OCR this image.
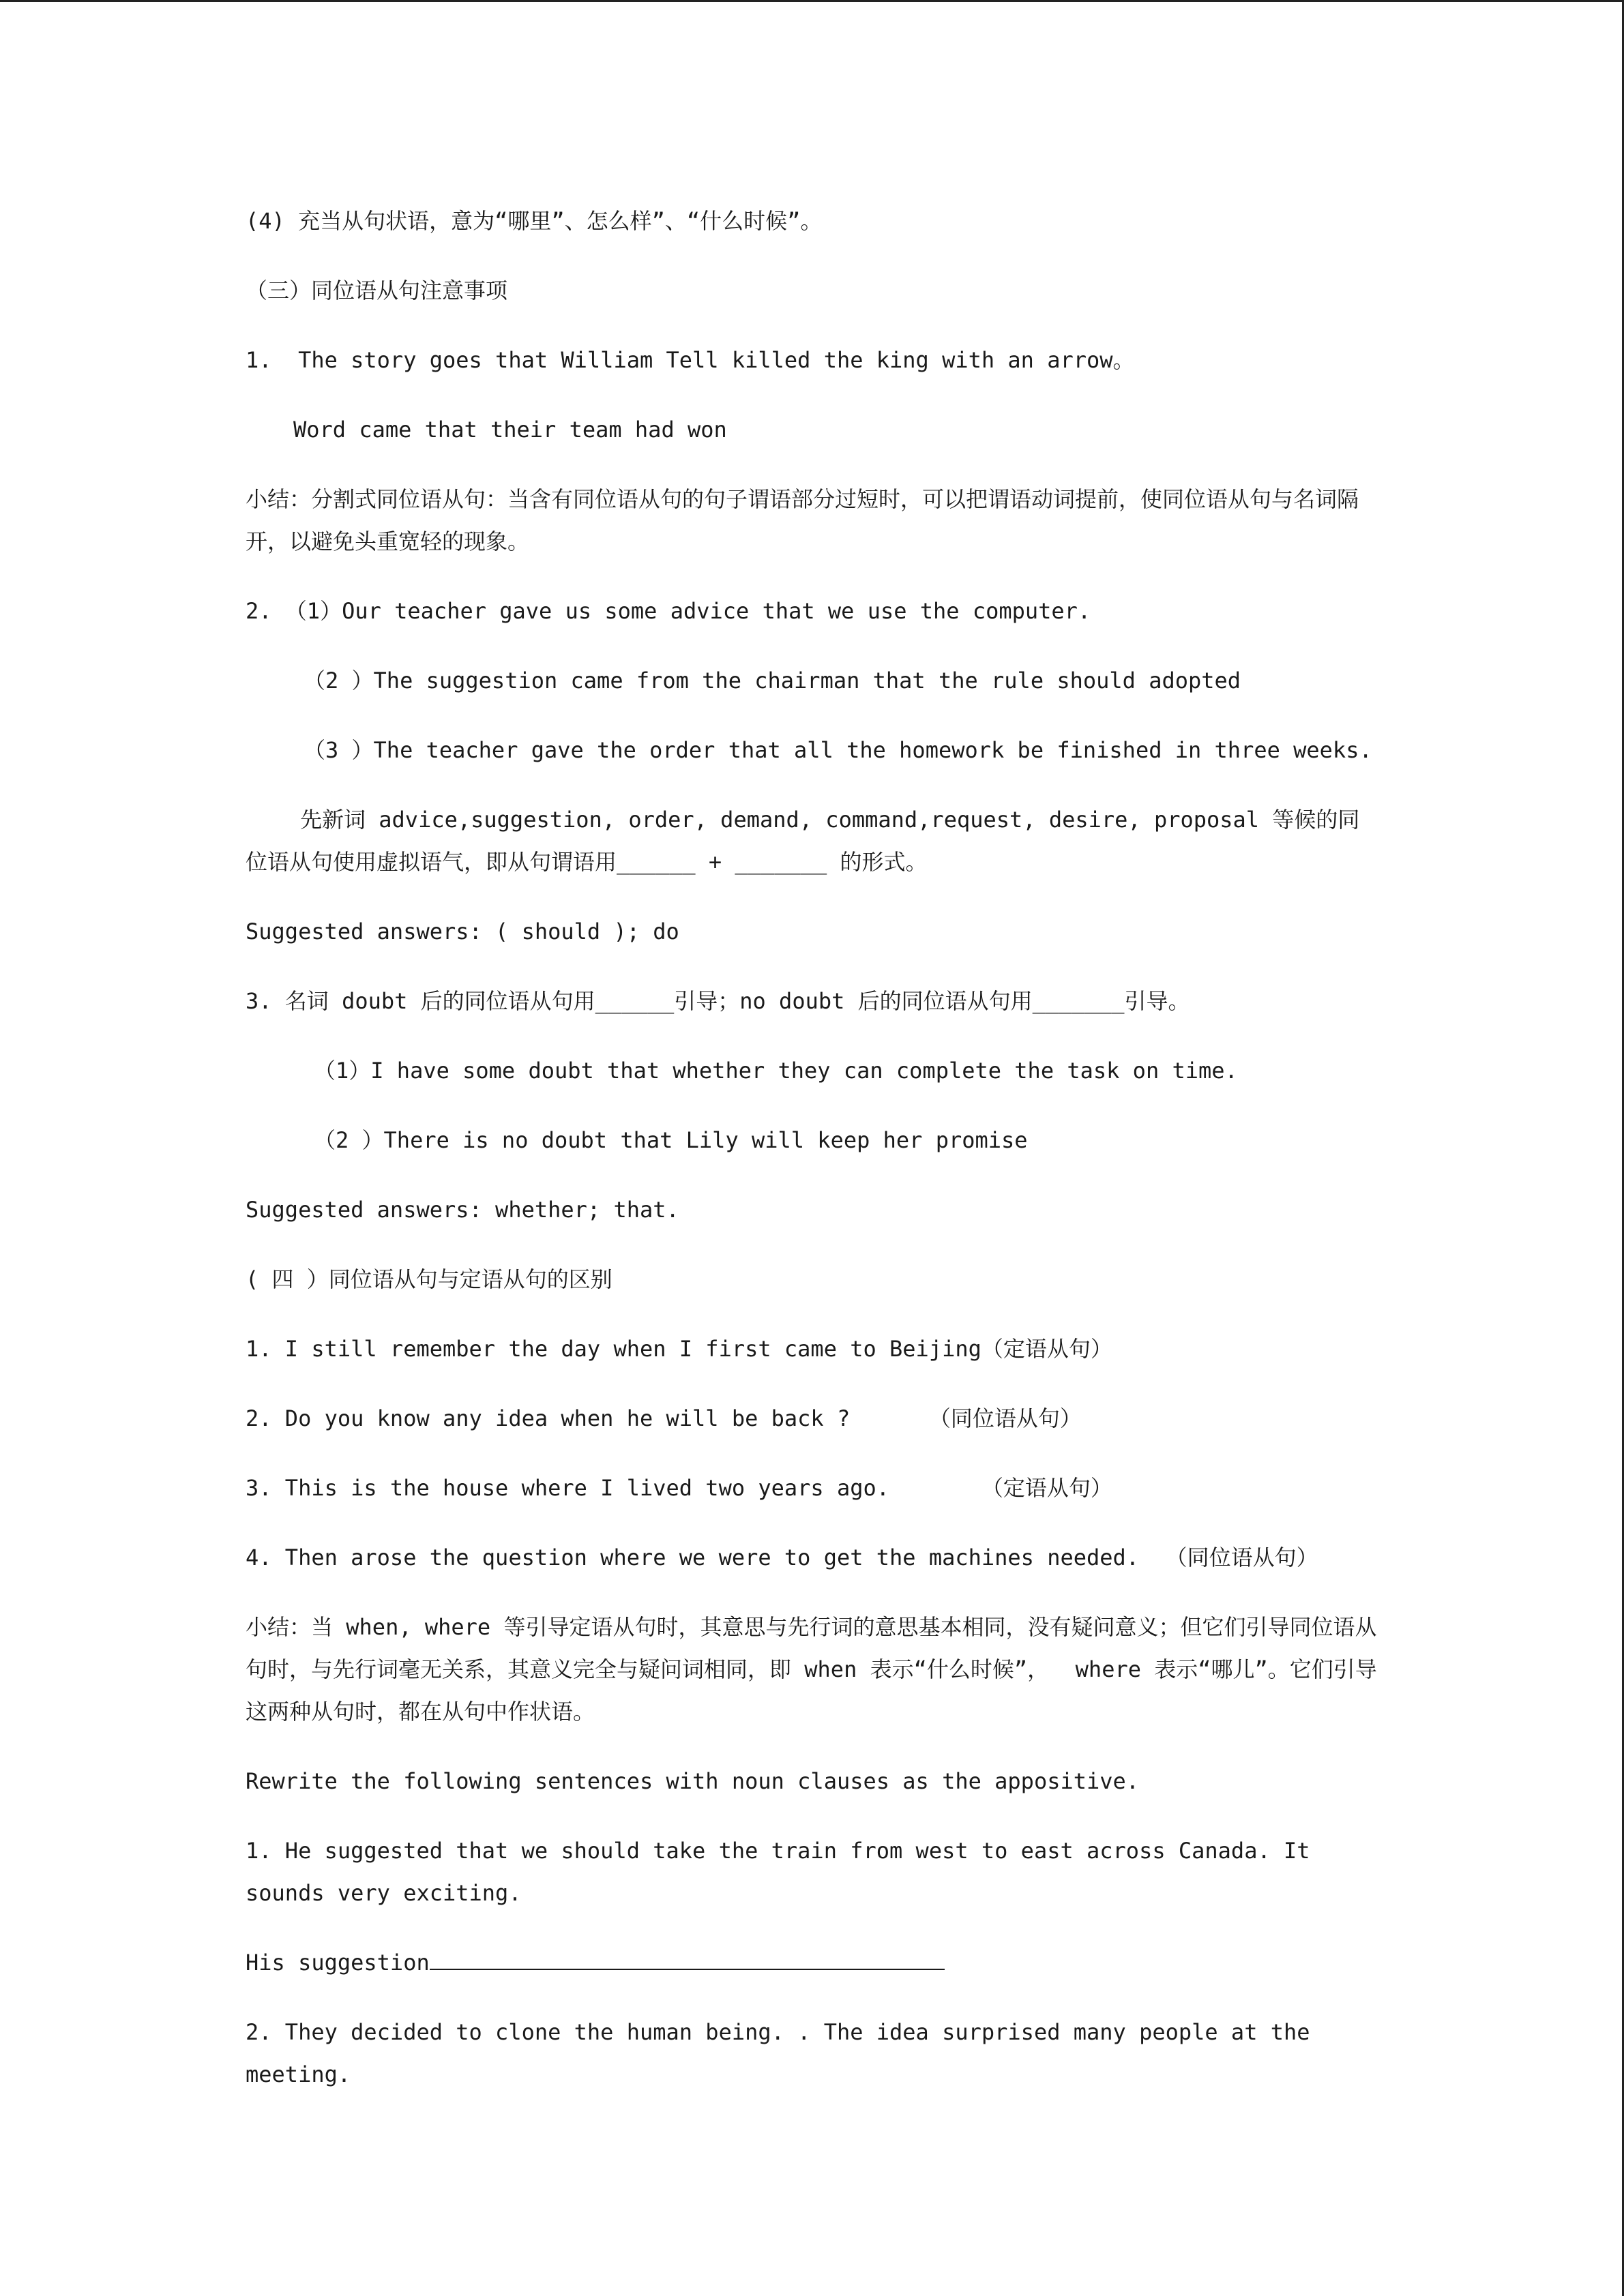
(4) 充当从句状语，意为“哪里”、怎么样”、“什么时候”。

（三）同位语从句注意事项

1.  The story goes that William Tell killed the king with an arrow。

Word came that their team had won

小结：分割式同位语从句：当含有同位语从句的句子谓语部分过短时，可以把谓语动词提前，使同位语从句与名词隔开，以避免头重宽轻的现象。

2. （1）Our teacher gave us some advice that we use the computer.

（2 ）The suggestion came from the chairman that the rule should adopted

（3 ）The teacher gave the order that all the homework be finished in three weeks.

先新词 advice,suggestion, order, demand, command,request, desire, proposal 等候的同位语从句使用虚拟语气，即从句谓语用______ + _______ 的形式。

Suggested answers: ( should ); do

3. 名词 doubt 后的同位语从句用______引导；no doubt 后的同位语从句用_______引导。

（1）I have some doubt that whether they can complete the task on time.

（2 ）There is no doubt that Lily will keep her promise

Suggested answers: whether; that.

( 四 ）同位语从句与定语从句的区别

1. I still remember the day when I first came to Beijing（定语从句）

2. Do you know any idea when he will be back ?      （同位语从句）

3. This is the house where I lived two years ago.       （定语从句）

4. Then arose the question where we were to get the machines needed.  （同位语从句）

小结：当 when, where 等引导定语从句时，其意思与先行词的意思基本相同，没有疑问意义；但它们引导同位语从句时，与先行词毫无关系，其意义完全与疑问词相同，即 when 表示“什么时候”，  where 表示“哪儿”。它们引导这两种从句时，都在从句中作状语。

Rewrite the following sentences with noun clauses as the appositive.

1. He suggested that we should take the train from west to east across Canada. It sounds very exciting.

His suggestion

2. They decided to clone the human being. . The idea surprised many people at the meeting.
